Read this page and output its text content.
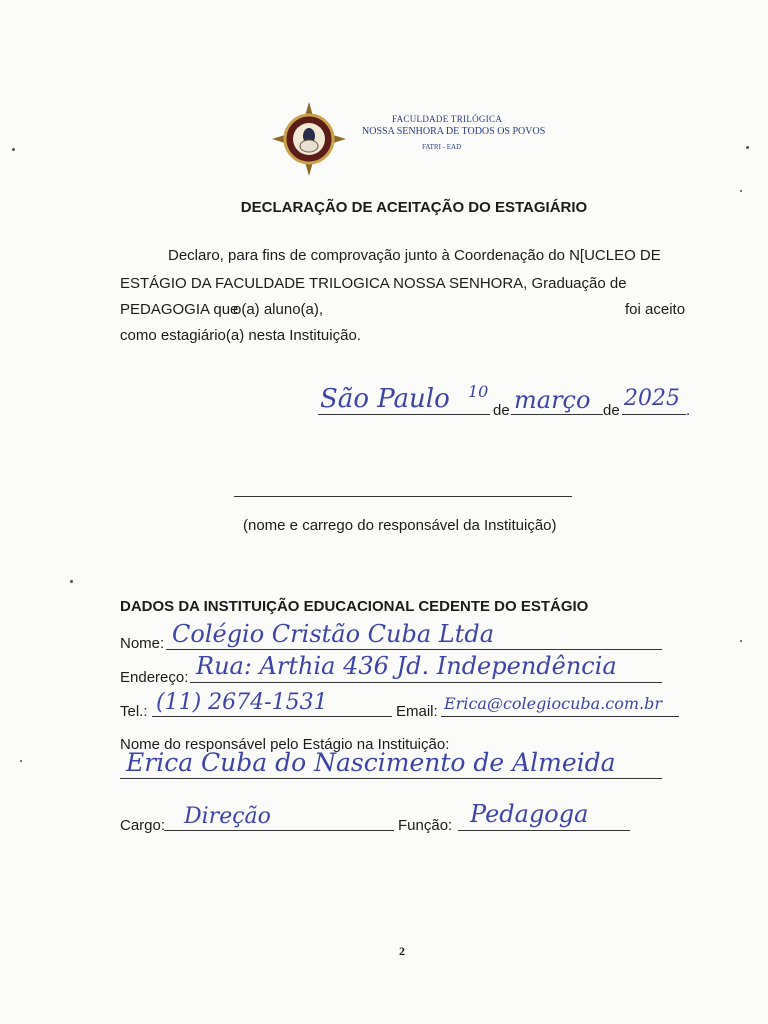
FACULDADE TRILÓGICA
NOSSA SENHORA DE TODOS OS POVOS
FATRI - EAD
DECLARAÇÃO DE ACEITAÇÃO DO ESTAGIÁRIO
Declaro, para fins de comprovação junto à Coordenação do N[UCLEO DE
ESTÁGIO DA FACULDADE TRILOGICA NOSSA SENHORA, Graduação de
PEDAGOGIA que
o(a) aluno(a),	foi aceito
como estagiário(a) nesta Instituição.
São Paulo 10
de março de 2025 .
(nome e carrego do responsável da Instituição)
DADOS DA INSTITUIÇÃO EDUCACIONAL CEDENTE DO ESTÁGIO
Nome: Colégio Cristão Cuba Ltda
Endereço: Rua: Arthia 436 Jd. Independência
Tel.: (11) 2674-1531	Email: Erica@colegiocuba.com.br
Nome do responsável pelo Estágio na Instituição:
Erica Cuba do Nascimento de Almeida
Cargo: Direção	Função: Pedagoga
2
